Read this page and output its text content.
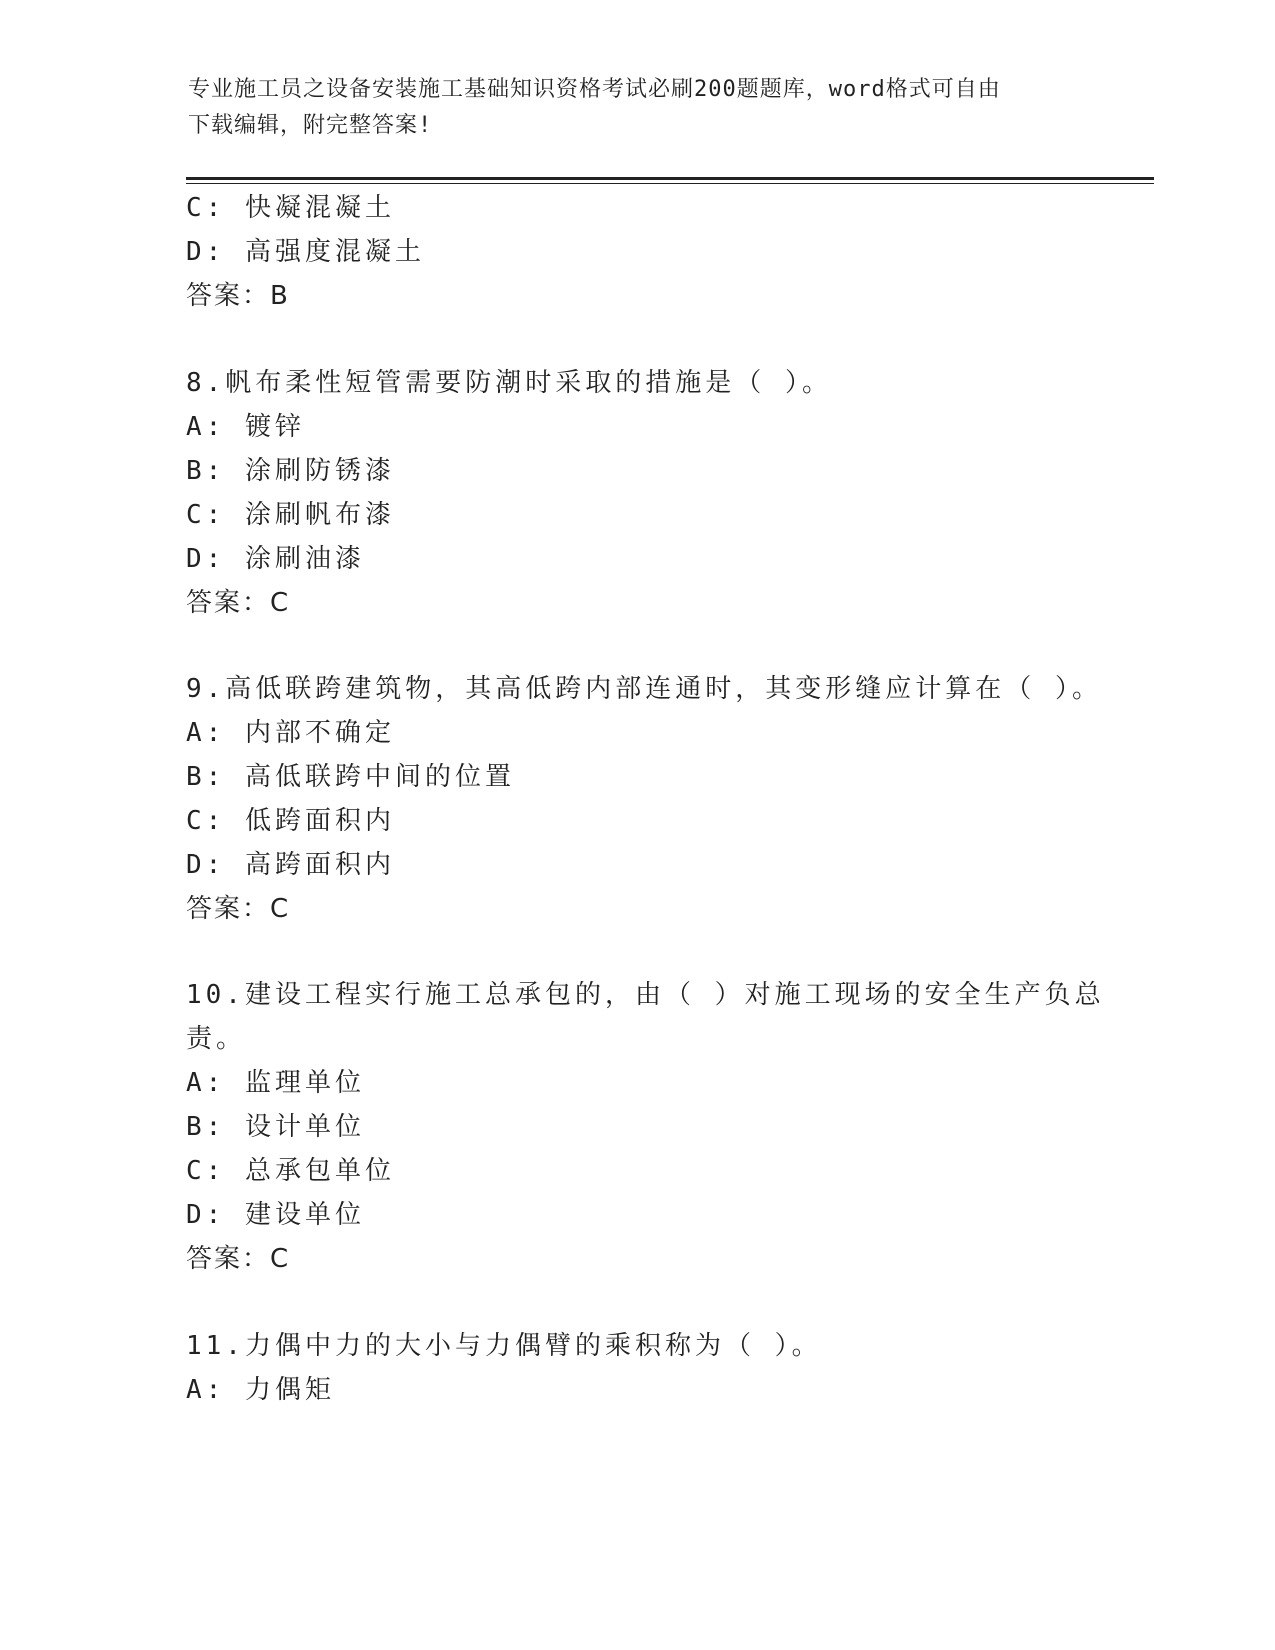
专业施工员之设备安装施工基础知识资格考试必刷200题题库，word格式可自由
下载编辑，附完整答案!
C: 快凝混凝土
D: 高强度混凝土
答案：B
8.帆布柔性短管需要防潮时采取的措施是（ ）。
A: 镀锌
B: 涂刷防锈漆
C: 涂刷帆布漆
D: 涂刷油漆
答案：C
9.高低联跨建筑物，其高低跨内部连通时，其变形缝应计算在（ ）。
A: 内部不确定
B: 高低联跨中间的位置
C: 低跨面积内
D: 高跨面积内
答案：C
10.建设工程实行施工总承包的，由（ ）对施工现场的安全生产负总
责。
A: 监理单位
B: 设计单位
C: 总承包单位
D: 建设单位
答案：C
11.力偶中力的大小与力偶臂的乘积称为（ ）。
A: 力偶矩
